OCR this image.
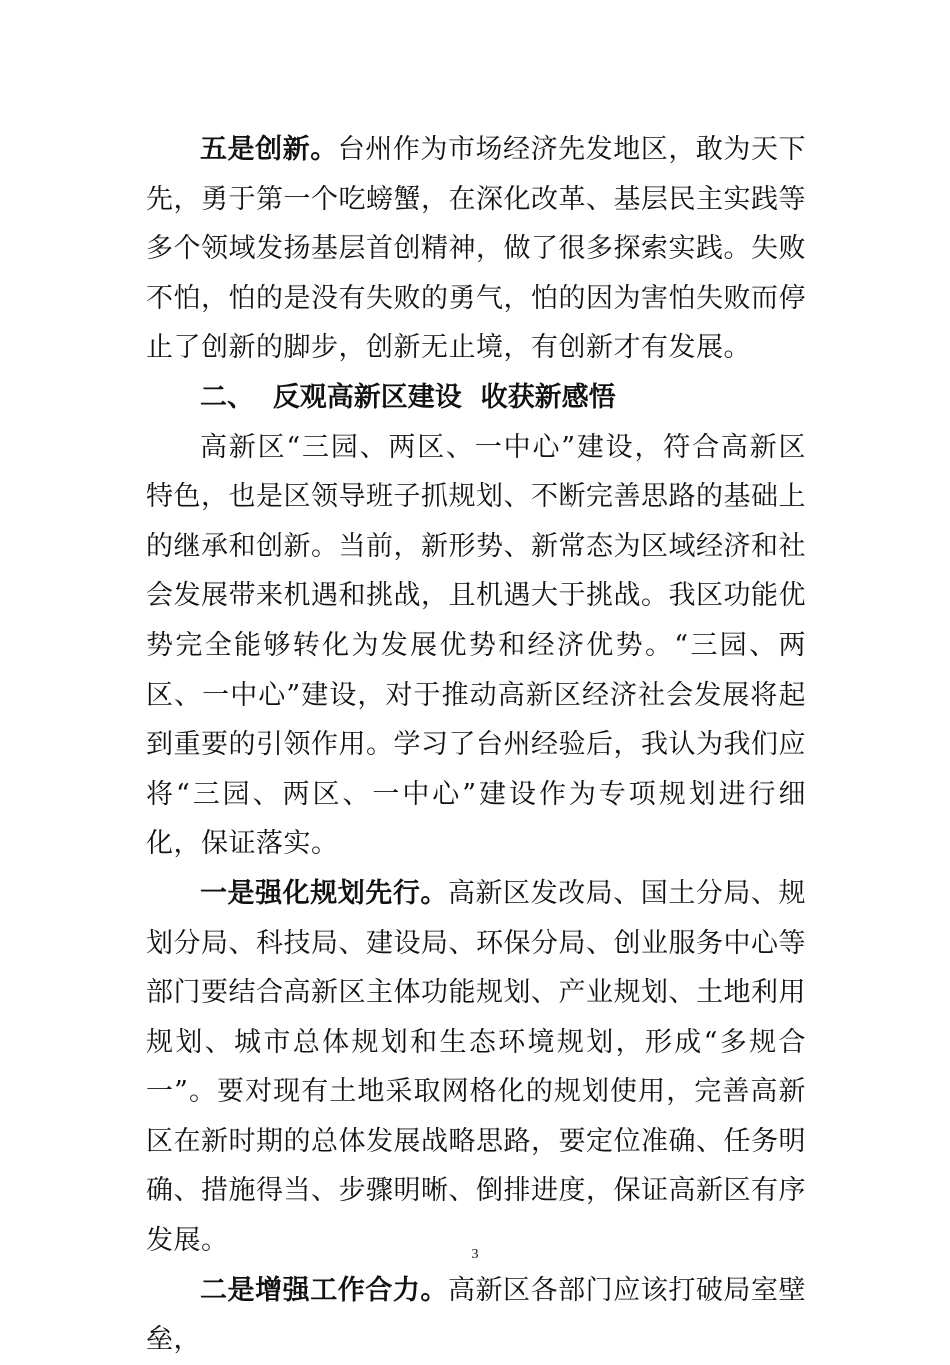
五是创新。台州作为市场经济先发地区，敢为天下先，勇于第一个吃螃蟹，在深化改革、基层民主实践等多个领域发扬基层首创精神，做了很多探索实践。失败不怕，怕的是没有失败的勇气，怕的因为害怕失败而停止了创新的脚步，创新无止境，有创新才有发展。

二、 反观高新区建设  收获新感悟

高新区“三园、两区、一中心”建设，符合高新区特色，也是区领导班子抓规划、不断完善思路的基础上的继承和创新。当前，新形势、新常态为区域经济和社会发展带来机遇和挑战，且机遇大于挑战。我区功能优势完全能够转化为发展优势和经济优势。“三园、两区、一中心”建设，对于推动高新区经济社会发展将起到重要的引领作用。学习了台州经验后，我认为我们应将“三园、两区、一中心”建设作为专项规划进行细化，保证落实。

一是强化规划先行。高新区发改局、国土分局、规划分局、科技局、建设局、环保分局、创业服务中心等部门要结合高新区主体功能规划、产业规划、土地利用规划、城市总体规划和生态环境规划，形成“多规合一”。要对现有土地采取网格化的规划使用，完善高新区在新时期的总体发展战略思路，要定位准确、任务明确、措施得当、步骤明晰、倒排进度，保证高新区有序发展。

二是增强工作合力。高新区各部门应该打破局室壁垒，

3
